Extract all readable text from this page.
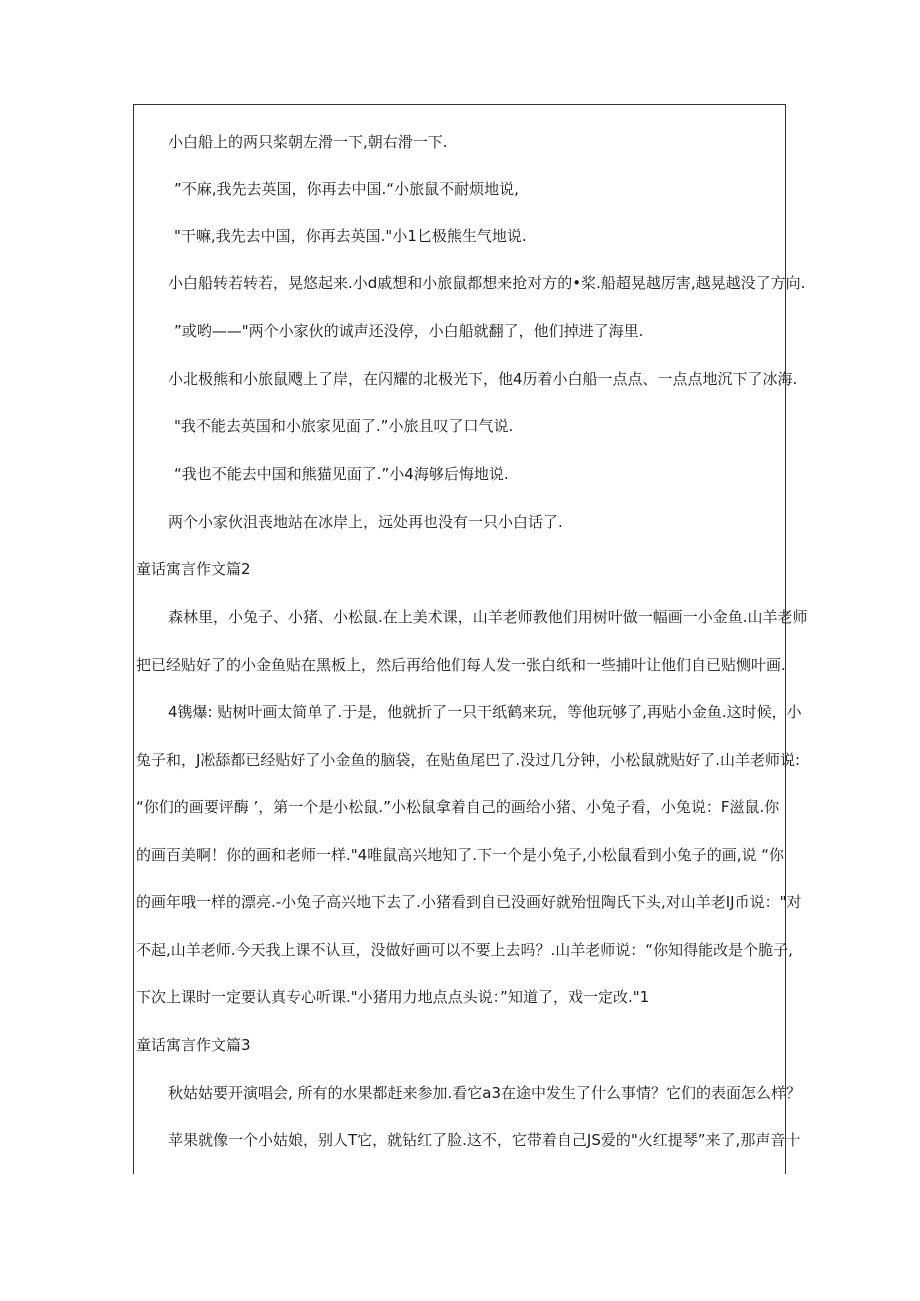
小白船上的两只桨朝左滑一下,朝右滑一下.
”不麻,我先去英国，你再去中国.“小旅鼠不耐烦地说,
"干嘛,我先去中国，你再去英国."小1匕极熊生气地说.
小白船转若转若，晃悠起来.小d戚想和小旅鼠都想来抢对方的•桨.船超晃越厉害,越晃越没了方向.
”或哟——"两个小家伙的诚声还没停，小白船就翻了，他们掉进了海里.
小北极熊和小旅鼠飕上了岸，在闪耀的北极光下，他4历着小白船一点点、一点点地沉下了冰海.
"我不能去英国和小旅家见面了.”小旅且叹了口气说.
“我也不能去中国和熊猫见面了.”小4海够后悔地说.
两个小家伙沮丧地站在冰岸上，远处再也没有一只小白话了.
童话寓言作文篇2
森林里，小兔子、小猪、小松鼠.在上美术课，山羊老师教他们用树叶做一幅画一小金鱼.山羊老师
把已经贴好了的小金鱼贴在黑板上，然后再给他们每人发一张白纸和一些捕叶让他们自已贴恻叶画.
4镌爆: 贴树叶画太简单了.于是，他就折了一只干纸鹤来玩，等他玩够了,再贴小金鱼.这时候，小
兔子和，J凇舔都已经贴好了小金鱼的脑袋，在贴鱼尾巴了.没过几分钟，小松鼠就贴好了.山羊老师说:
“你们的画要评酶 ’，第一个是小松鼠.”小松鼠拿着自己的画给小猪、小兔子看，小兔说：F滋鼠.你
的画百美啊！你的画和老师一样."4唯鼠高兴地知了.下一个是小兔子,小松鼠看到小兔子的画,说 “你
的画年哦一样的漂亮.-小兔子高兴地下去了.小猪看到自已没画好就殆忸陶氏下头,对山羊老IJ币说："对
不起,山羊老师.今天我上课不认亘，没做好画可以不要上去吗？.山羊老师说：“你知得能改是个脆子,
下次上课时一定要认真专心听课."小猪用力地点点头说：”知道了，戏一定改."1
童话寓言作文篇3
秋姑姑要开演唱会, 所有的水果都赶来参加.看它a3在途中发生了什么事情？它们的表面怎么样？
苹果就像一个小姑娘，别人T它，就钻红了脸.这不，它带着自己JS爱的"火红提琴”来了,那声音十
